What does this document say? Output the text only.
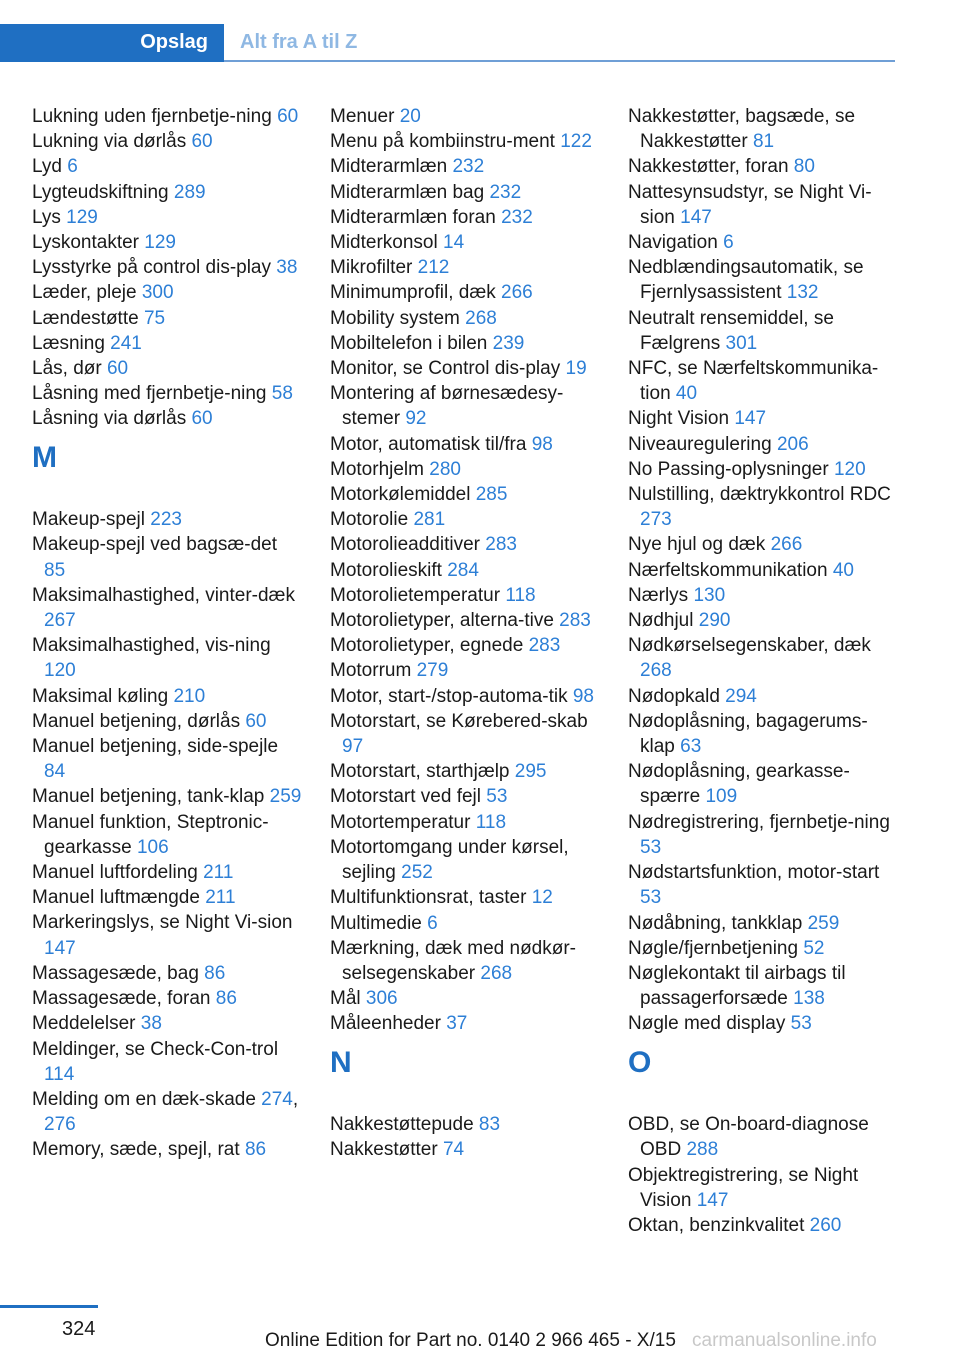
Opslag Alt fra A til Z
Lukning uden fjernbetje-ning 60
Lukning via dørlås 60
Lyd 6
Lygteudskiftning 289
Lys 129
Lyskontakter 129
Lysstyrke på control dis-play 38
Læder, pleje 300
Lændestøtte 75
Læsning 241
Lås, dør 60
Låsning med fjernbetje-ning 58
Låsning via dørlås 60
M
Makeup-spejl 223
Makeup-spejl ved bagsæ-det 85
Maksimalhastighed, vinter-dæk 267
Maksimalhastighed, vis-ning 120
Maksimal køling 210
Manuel betjening, dørlås 60
Manuel betjening, side-spejle 84
Manuel betjening, tank-klap 259
Manuel funktion, Steptronic-gearkasse 106
Manuel luftfordeling 211
Manuel luftmængde 211
Markeringslys, se Night Vi-sion 147
Massagesæde, bag 86
Massagesæde, foran 86
Meddelelser 38
Meldinger, se Check-Con-trol 114
Melding om en dæk-skade 274, 276
Memory, sæde, spejl, rat 86
Menuer 20
Menu på kombiinstru-ment 122
Midterarmlæn 232
Midterarmlæn bag 232
Midterarmlæn foran 232
Midterkonsol 14
Mikrofilter 212
Minimumprofil, dæk 266
Mobility system 268
Mobiltelefon i bilen 239
Monitor, se Control dis-play 19
Montering af børnesædesy-stemer 92
Motor, automatisk til/fra 98
Motorhjelm 280
Motorkølemiddel 285
Motorolie 281
Motorolieadditiver 283
Motorolieskift 284
Motorolietemperatur 118
Motorolietyper, alterna-tive 283
Motorolietyper, egnede 283
Motorrum 279
Motor, start-/stop-automa-tik 98
Motorstart, se Kørebered-skab 97
Motorstart, starthjælp 295
Motorstart ved fejl 53
Motortemperatur 118
Motortomgang under kørsel, sejling 252
Multifunktionsrat, taster 12
Multimedie 6
Mærkning, dæk med nødkør-selsegenskaber 268
Mål 306
Måleenheder 37
N
Nakkestøttepude 83
Nakkestøtter 74
Nakkestøtter, bagsæde, se Nakkestøtter 81
Nakkestøtter, foran 80
Nattesynsudstyr, se Night Vi-sion 147
Navigation 6
Nedblændingsautomatik, se Fjernlysassistent 132
Neutralt rensemiddel, se Fælgrens 301
NFC, se Nærfeltskommunika-tion 40
Night Vision 147
Niveauregulering 206
No Passing-oplysninger 120
Nulstilling, dæktrykkontrol RDC 273
Nye hjul og dæk 266
Nærfeltskommunikation 40
Nærlys 130
Nødhjul 290
Nødkørselsegenskaber, dæk 268
Nødopkald 294
Nødoplåsning, bagagerums-klap 63
Nødoplåsning, gearkasse-spærre 109
Nødregistrering, fjernbetje-ning 53
Nødstartsfunktion, motor-start 53
Nødåbning, tankklap 259
Nøgle/fjernbetjening 52
Nøglekontakt til airbags til passagerforsæde 138
Nøgle med display 53
O
OBD, se On-board-diagnose OBD 288
Objektregistrering, se Night Vision 147
Oktan, benzinkvalitet 260
324
Online Edition for Part no. 0140 2 966 465 - X/15 carmanualsonline.info
